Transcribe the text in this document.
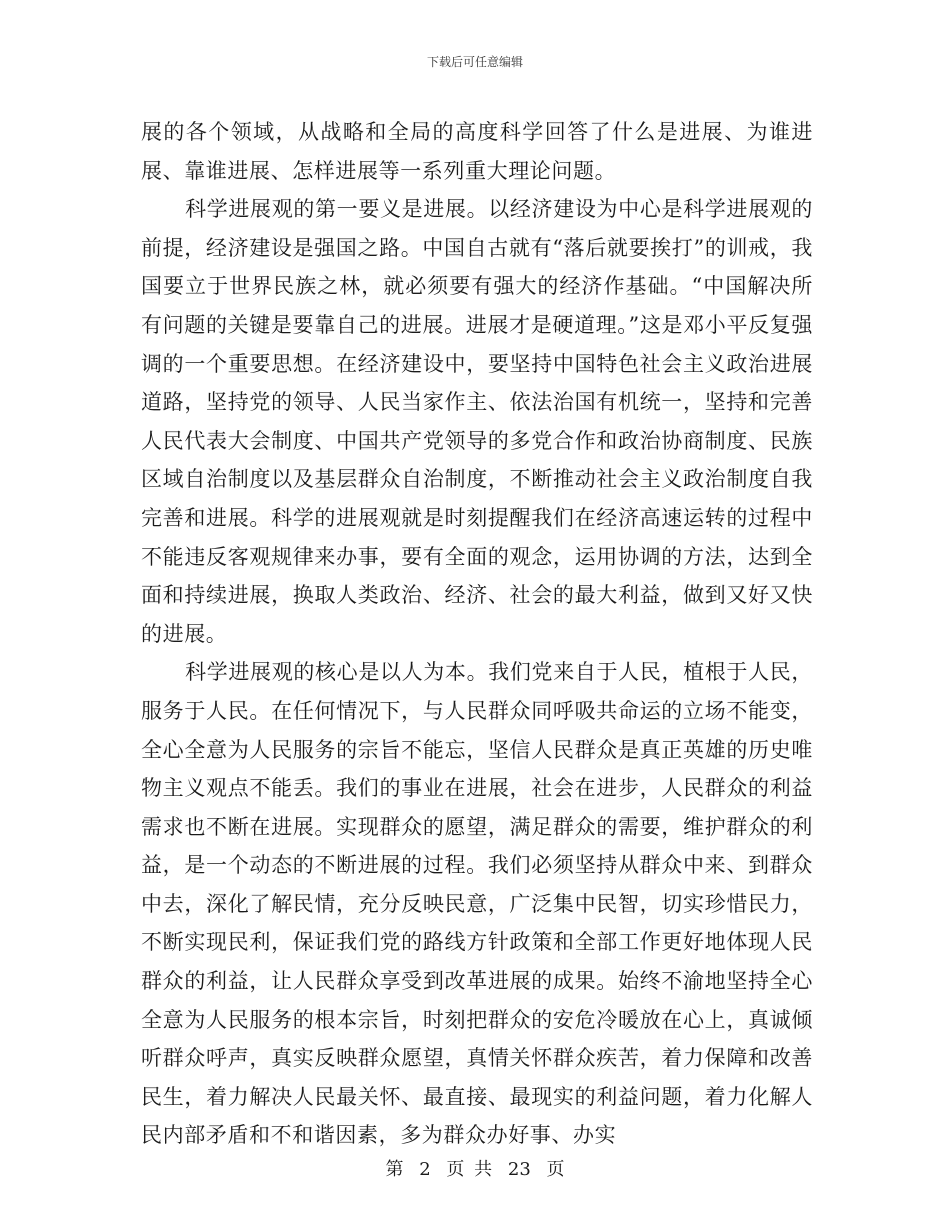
下载后可任意编辑

展的各个领域，从战略和全局的高度科学回答了什么是进展、为谁进展、靠谁进展、怎样进展等一系列重大理论问题。

科学进展观的第一要义是进展。以经济建设为中心是科学进展观的前提，经济建设是强国之路。中国自古就有“落后就要挨打”的训戒，我国要立于世界民族之林，就必须要有强大的经济作基础。“中国解决所有问题的关键是要靠自己的进展。进展才是硬道理。”这是邓小平反复强调的一个重要思想。在经济建设中，要坚持中国特色社会主义政治进展道路，坚持党的领导、人民当家作主、依法治国有机统一，坚持和完善人民代表大会制度、中国共产党领导的多党合作和政治协商制度、民族区域自治制度以及基层群众自治制度，不断推动社会主义政治制度自我完善和进展。科学的进展观就是时刻提醒我们在经济高速运转的过程中不能违反客观规律来办事，要有全面的观念，运用协调的方法，达到全面和持续进展，换取人类政治、经济、社会的最大利益，做到又好又快的进展。

科学进展观的核心是以人为本。我们党来自于人民，植根于人民，服务于人民。在任何情况下，与人民群众同呼吸共命运的立场不能变，全心全意为人民服务的宗旨不能忘，坚信人民群众是真正英雄的历史唯物主义观点不能丢。我们的事业在进展，社会在进步，人民群众的利益需求也不断在进展。实现群众的愿望，满足群众的需要，维护群众的利益，是一个动态的不断进展的过程。我们必须坚持从群众中来、到群众中去，深化了解民情，充分反映民意，广泛集中民智，切实珍惜民力，不断实现民利，保证我们党的路线方针政策和全部工作更好地体现人民群众的利益，让人民群众享受到改革进展的成果。始终不渝地坚持全心全意为人民服务的根本宗旨，时刻把群众的安危冷暖放在心上，真诚倾听群众呼声，真实反映群众愿望，真情关怀群众疾苦，着力保障和改善民生，着力解决人民最关怀、最直接、最现实的利益问题，着力化解人民内部矛盾和不和谐因素，多为群众办好事、办实

第 2 页 共 23 页
